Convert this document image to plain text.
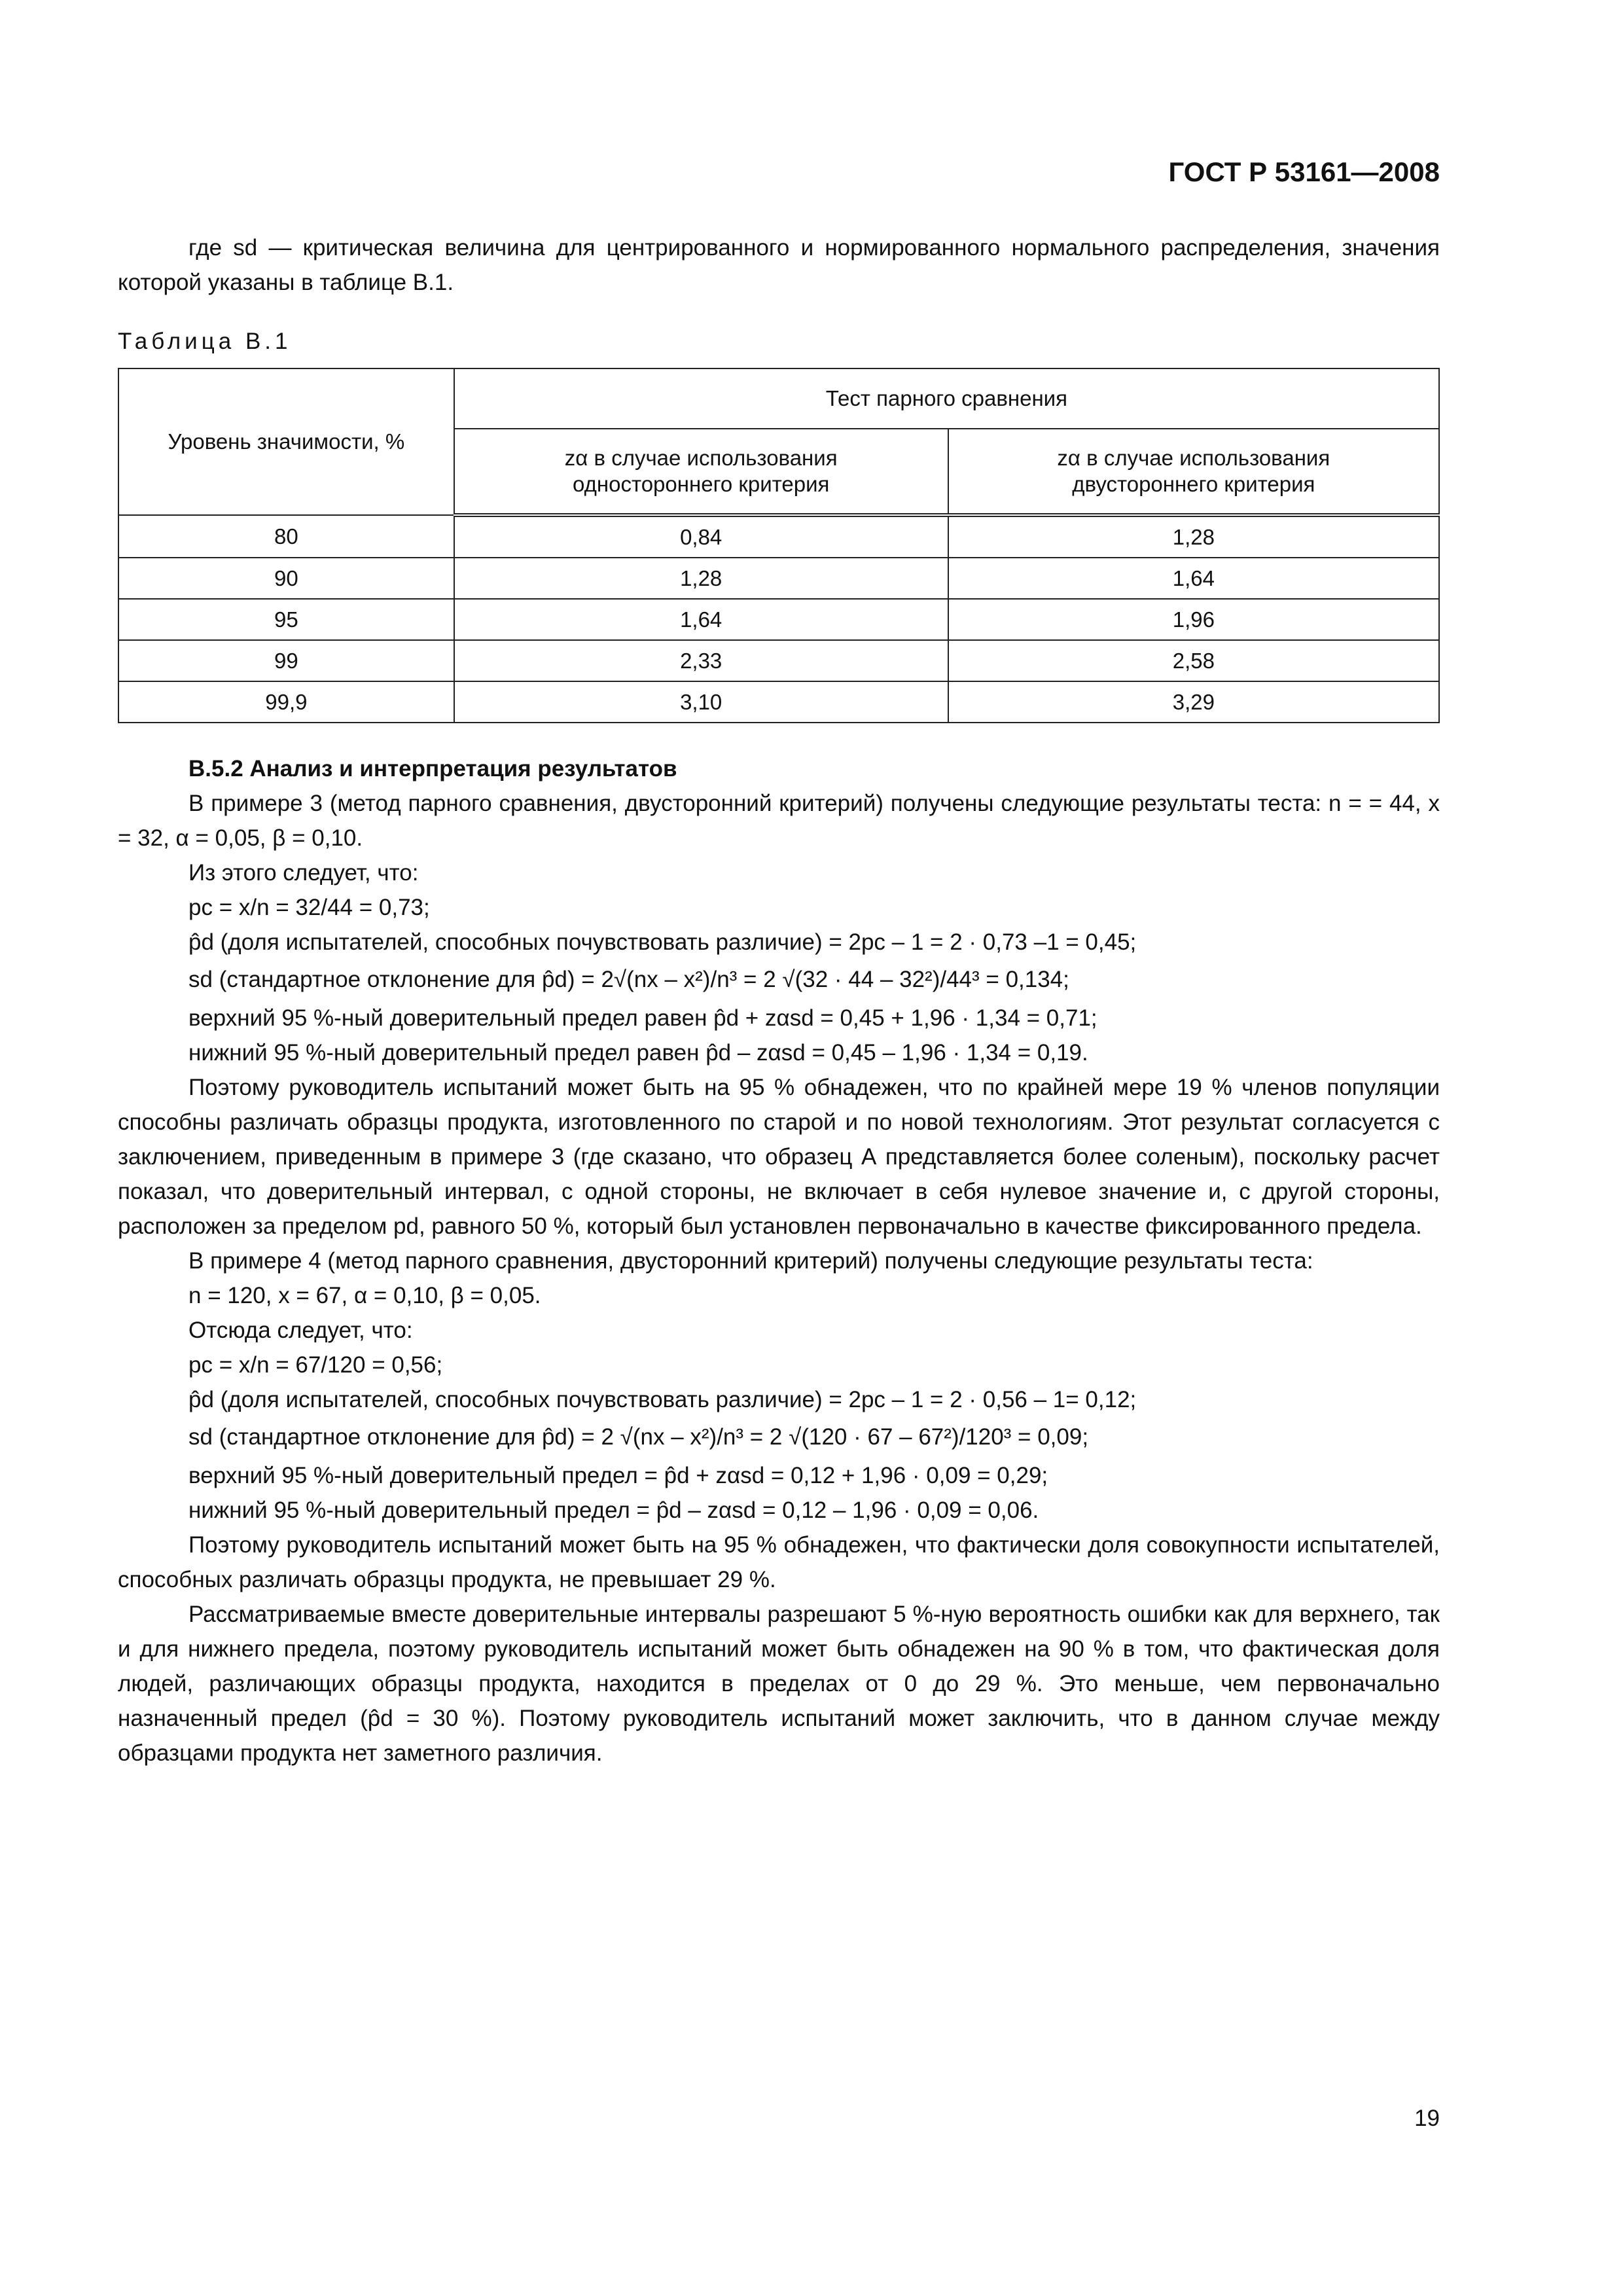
ГОСТ Р 53161—2008
где sd — критическая величина для центрированного и нормированного нормального распределения, значения которой указаны в таблице В.1.
Таблица В.1
Уровень значимости, %	Тест парного сравнения	
	zα в случае использования одностороннего критерия	zα в случае использования двустороннего критерия
80	0,84	1,28
90	1,28	1,64
95	1,64	1,96
99	2,33	2,58
99,9	3,10	3,29
В.5.2 Анализ и интерпретация результатов
В примере 3 (метод парного сравнения, двусторонний критерий) получены следующие результаты теста: n = = 44, x = 32, α = 0,05, β = 0,10.
Из этого следует, что:
pc = x/n = 32/44 = 0,73;
p̂d (доля испытателей, способных почувствовать различие) = 2pc – 1 = 2 · 0,73 –1 = 0,45;
sd (стандартное отклонение для p̂d) = 2√(nx – x²)/n³ = 2 √(32 · 44 – 32²)/44³ = 0,134;
верхний 95 %-ный доверительный предел равен p̂d + zαsd = 0,45 + 1,96 · 1,34 = 0,71;
нижний 95 %-ный доверительный предел равен p̂d – zαsd = 0,45 – 1,96 · 1,34 = 0,19.
Поэтому руководитель испытаний может быть на 95 % обнадежен, что по крайней мере 19 % членов популяции способны различать образцы продукта, изготовленного по старой и по новой технологиям. Этот результат согласуется с заключением, приведенным в примере 3 (где сказано, что образец А представляется более соленым), поскольку расчет показал, что доверительный интервал, с одной стороны, не включает в себя нулевое значение и, с другой стороны, расположен за пределом pd, равного 50 %, который был установлен первоначально в качестве фиксированного предела.
В примере 4 (метод парного сравнения, двусторонний критерий) получены следующие результаты теста:
n = 120, x = 67, α = 0,10, β = 0,05.
Отсюда следует, что:
pc = x/n = 67/120 = 0,56;
p̂d (доля испытателей, способных почувствовать различие) = 2pc – 1 = 2 · 0,56 – 1= 0,12;
sd (стандартное отклонение для p̂d) = 2 √(nx – x²)/n³ = 2 √(120 · 67 – 67²)/120³ = 0,09;
верхний 95 %-ный доверительный предел = p̂d + zαsd = 0,12 + 1,96 · 0,09 = 0,29;
нижний 95 %-ный доверительный предел = p̂d – zαsd = 0,12 – 1,96 · 0,09 = 0,06.
Поэтому руководитель испытаний может быть на 95 % обнадежен, что фактически доля совокупности испытателей, способных различать образцы продукта, не превышает 29 %.
Рассматриваемые вместе доверительные интервалы разрешают 5 %-ную вероятность ошибки как для верхнего, так и для нижнего предела, поэтому руководитель испытаний может быть обнадежен на 90 % в том, что фактическая доля людей, различающих образцы продукта, находится в пределах от 0 до 29 %. Это меньше, чем первоначально назначенный предел (p̂d = 30 %). Поэтому руководитель испытаний может заключить, что в данном случае между образцами продукта нет заметного различия.
19
